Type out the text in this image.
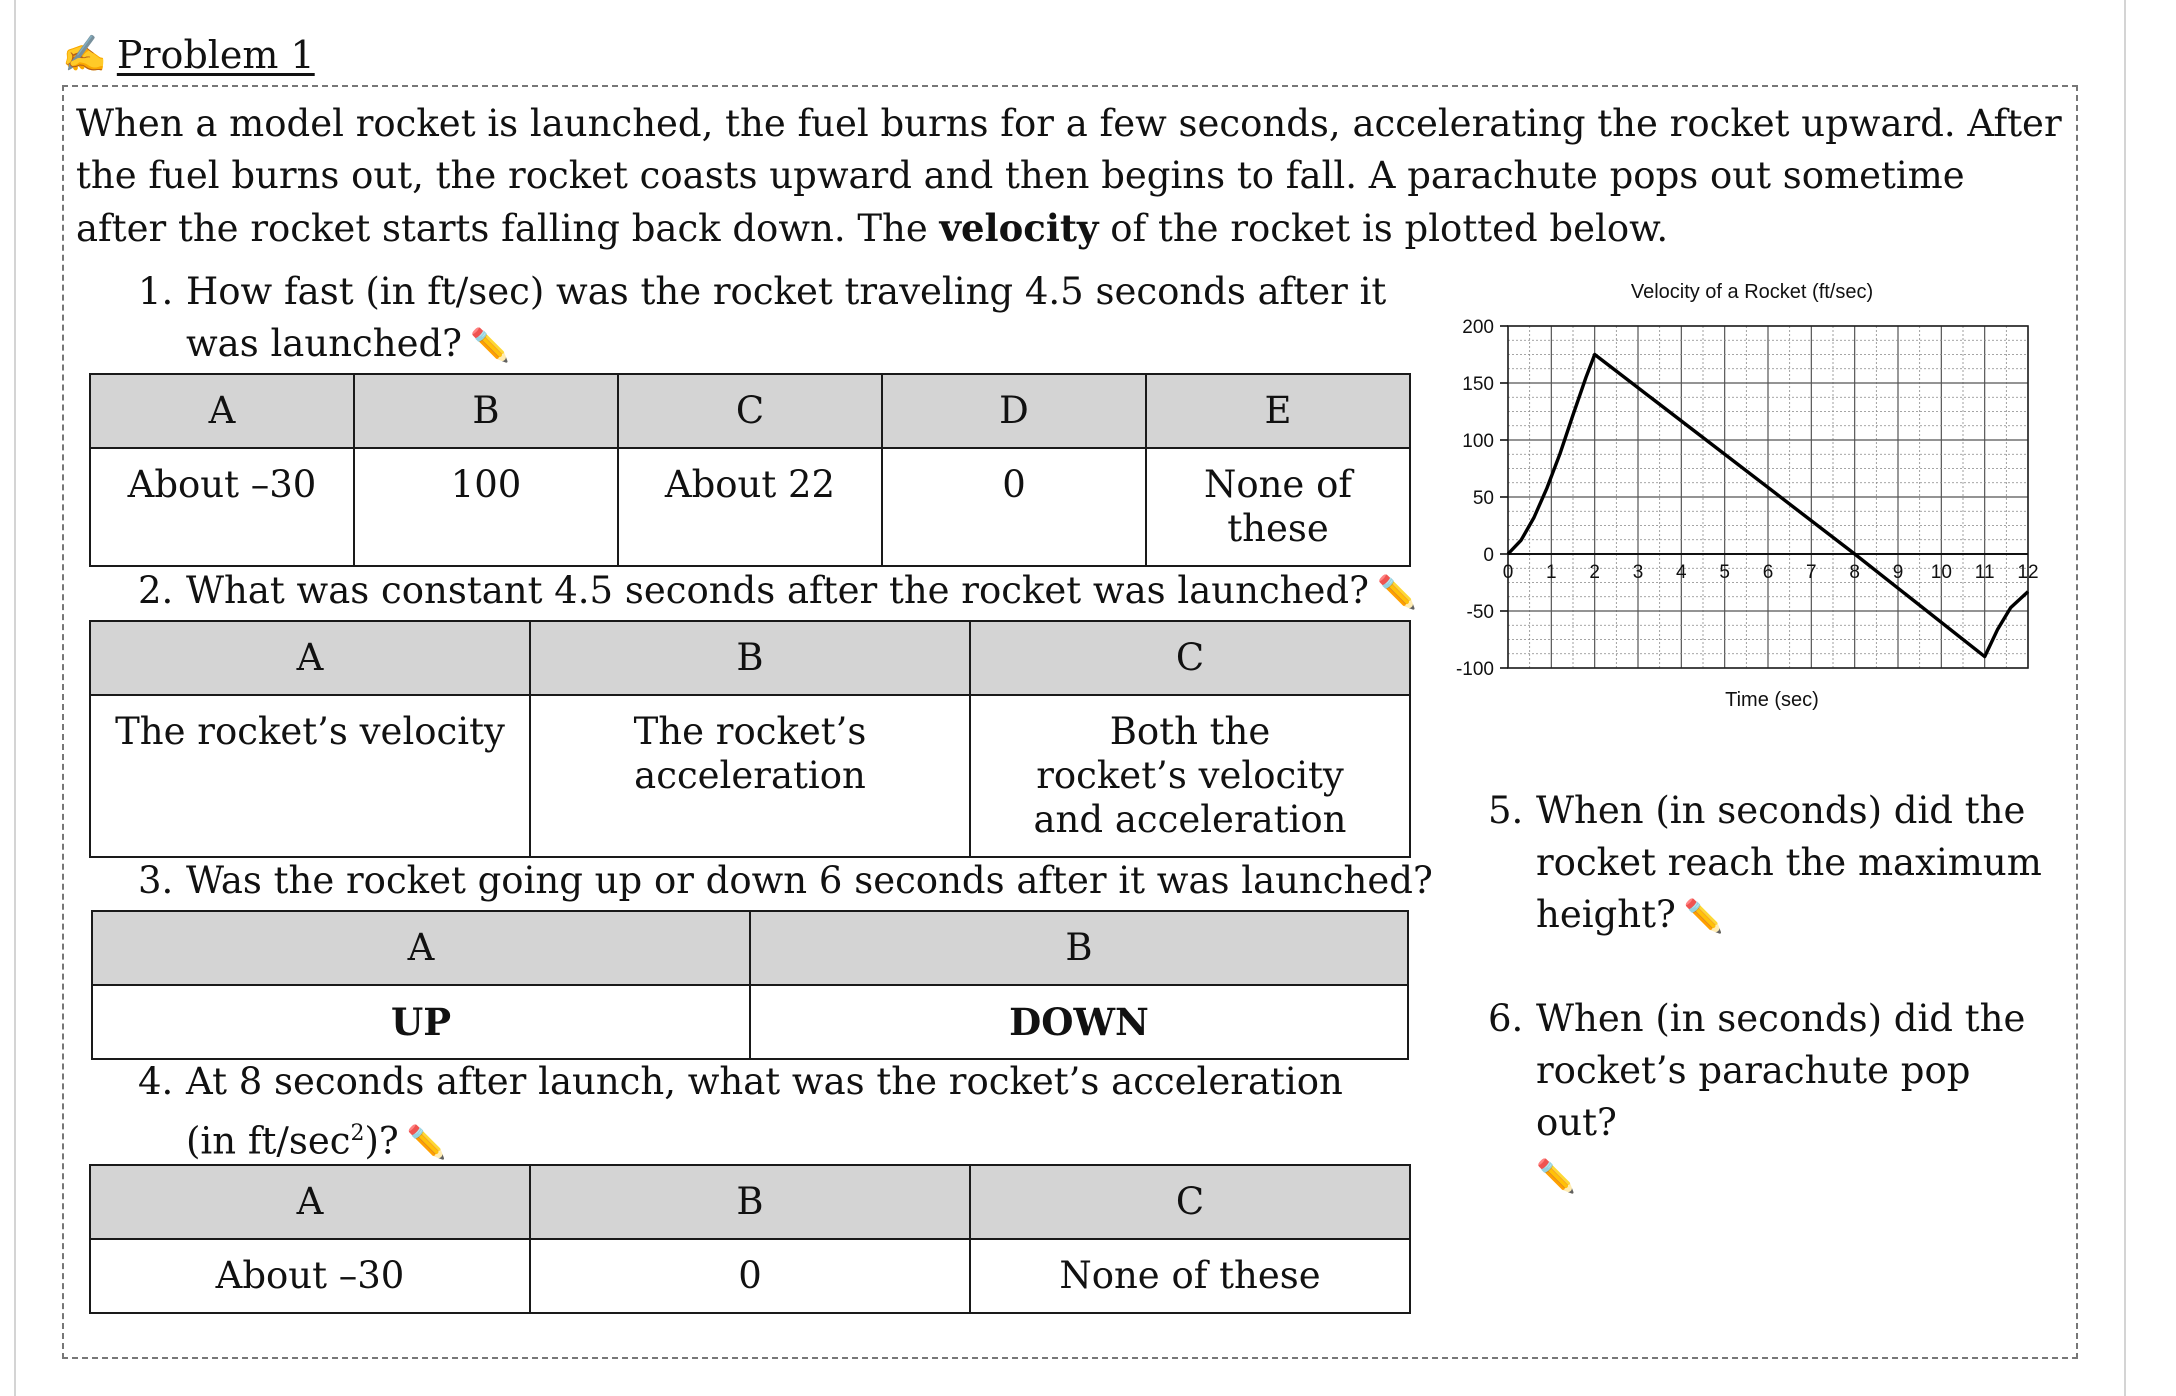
✍ Problem 1
When a model rocket is launched, the fuel burns for a few seconds, accelerating the rocket upward. After the fuel burns out, the rocket coasts upward and then begins to fall. A parachute pops out sometime after the rocket starts falling back down. The velocity of the rocket is plotted below.
1. How fast (in ft/sec) was the rocket traveling 4.5 seconds after it was launched? ✏️
A	B	C	D	E
About –30	100	About 22	0	None of these
2. What was constant 4.5 seconds after the rocket was launched? ✏️
A	B	C
The rocket’s velocity	The rocket’s acceleration	Both the rocket’s velocity and acceleration
3. Was the rocket going up or down 6 seconds after it was launched?
A	B
UP	DOWN
4. At 8 seconds after launch, what was the rocket’s acceleration (in $ft/\sec^2$)? ✏️
A	B	C
About –30	0	None of these
5. When (in seconds) did the rocket reach the maximum height? ✏️
6. When (in seconds) did the rocket’s parachute pop out?
✏️
Velocity of a Rocket (ft/sec)
200
150
100
50
0
-50
-100
0 1 2 3 4 5 6 7 8 9 10 11 12
Time (sec)
